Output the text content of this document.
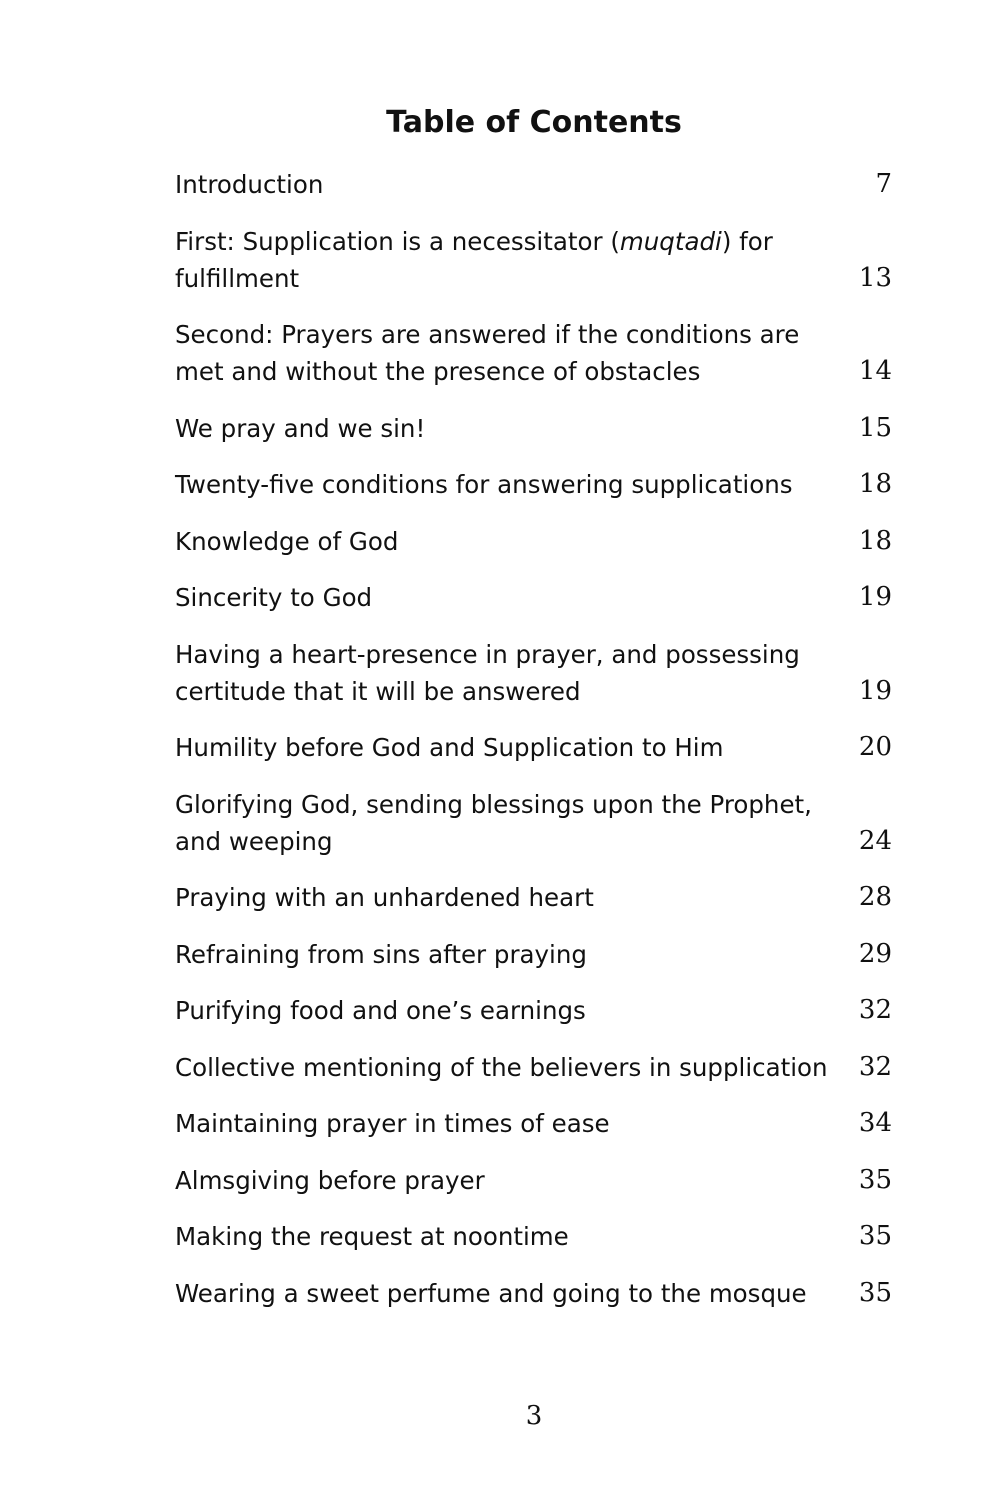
Table of Contents
Introduction	7
First: Supplication is a necessitator (muqtadi) for fulfillment	13
Second: Prayers are answered if the conditions are met and without the presence of obstacles	14
We pray and we sin!	15
Twenty-five conditions for answering supplications	18
Knowledge of God	18
Sincerity to God	19
Having a heart-presence in prayer, and possessing certitude that it will be answered	19
Humility before God and Supplication to Him	20
Glorifying God, sending blessings upon the Prophet, and weeping	24
Praying with an unhardened heart	28
Refraining from sins after praying	29
Purifying food and one’s earnings	32
Collective mentioning of the believers in supplication 32
Maintaining prayer in times of ease	34
Almsgiving before prayer	35
Making the request at noontime	35
Wearing a sweet perfume and going to the mosque	35
3
